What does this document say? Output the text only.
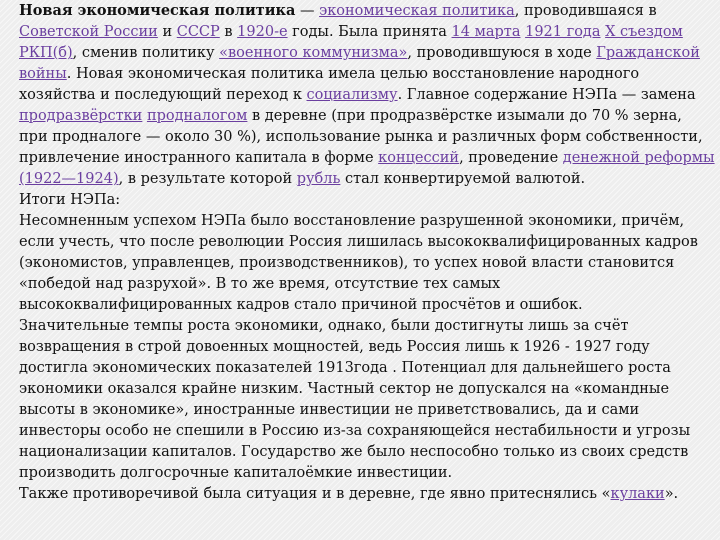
Новая экономическая политика — экономическая политика, проводившаяся в Советской России и СССР в 1920-е годы. Была принята 14 марта 1921 года X съездом РКП(б), сменив политику «военного коммунизма», проводившуюся в ходе Гражданской войны. Новая экономическая политика имела целью восстановление народного хозяйства и последующий переход к социализму. Главное содержание НЭПа — замена продразвёрстки продналогом в деревне (при продразвёрстке изымали до 70 % зерна, при продналоге — около 30 %), использование рынка и различных форм собственности, привлечение иностранного капитала в форме концессий, проведение денежной реформы (1922—1924), в результате которой рубль стал конвертируемой валютой.

Итоги НЭПа:

Несомненным успехом НЭПа было восстановление разрушенной экономики, причём, если учесть, что после революции Россия лишилась высококвалифицированных кадров (экономистов, управленцев, производственников), то успех новой власти становится «победой над разрухой». В то же время, отсутствие тех самых высококвалифицированных кадров стало причиной просчётов и ошибок.

Значительные темпы роста экономики, однако, были достигнуты лишь за счёт возвращения в строй довоенных мощностей, ведь Россия лишь к 1926 - 1927 году достигла экономических показателей 1913года . Потенциал для дальнейшего роста экономики оказался крайне низким. Частный сектор не допускался на «командные высоты в экономике», иностранные инвестиции не приветствовались, да и сами инвесторы особо не спешили в Россию из-за сохраняющейся нестабильности и угрозы национализации капиталов. Государство же было неспособно только из своих средств производить долгосрочные капиталоёмкие инвестиции.

Также противоречивой была ситуация и в деревне, где явно притеснялись «кулаки».
